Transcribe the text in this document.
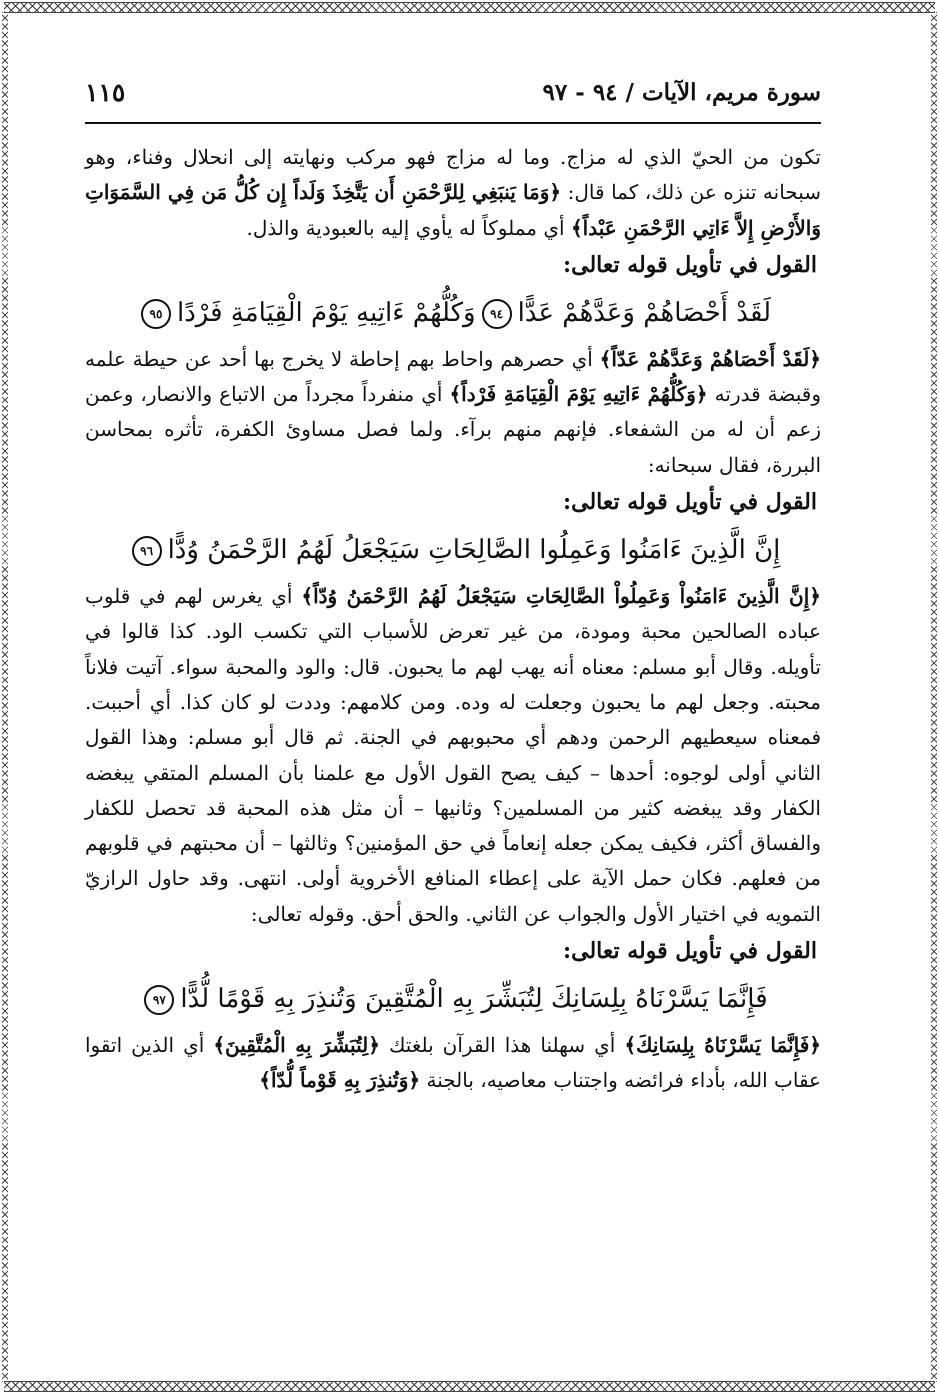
سورة مريم، الآيات / ٩٤ - ٩٧
١١٥

تكون من الحيّ الذي له مزاج. وما له مزاج فهو مركب ونهايته إلى انحلال وفناء، وهو سبحانه تنزه عن ذلك، كما قال: ﴿وَمَا يَنبَغِي لِلرَّحْمَنِ أَن يَتَّخِذَ وَلَداً إِن كُلُّ مَن فِي السَّمَوَاتِ وَالأَرْضِ إِلاَّ ءَاتِي الرَّحْمَنِ عَبْداً﴾ أي مملوكاً له يأوي إليه بالعبودية والذل.

القول في تأويل قوله تعالى:

لَقَدْ أَحْصَاهُمْ وَعَدَّهُمْ عَدًّا٩٤وَكُلُّهُمْ ءَاتِيهِ يَوْمَ الْقِيَامَةِ فَرْدًا٩٥

﴿لَقَدْ أَحْصَاهُمْ وَعَدَّهُمْ عَدّاً﴾ أي حصرهم واحاط بهم إحاطة لا يخرج بها أحد عن حيطة علمه وقبضة قدرته ﴿وَكُلُّهُمْ ءَاتِيهِ يَوْمَ الْقِيَامَةِ فَرْداً﴾ أي منفرداً مجرداً من الاتباع والانصار، وعمن زعم أن له من الشفعاء. فإنهم منهم برآء. ولما فصل مساوئ الكفرة، تأثره بمحاسن البررة، فقال سبحانه:

القول في تأويل قوله تعالى:

إِنَّ الَّذِينَ ءَامَنُوا وَعَمِلُوا الصَّالِحَاتِ سَيَجْعَلُ لَهُمُ الرَّحْمَنُ وُدًّا٩٦

﴿إِنَّ الَّذِينَ ءَامَنُواْ وَعَمِلُواْ الصَّالِحَاتِ سَيَجْعَلُ لَهُمُ الرَّحْمَنُ وُدّاً﴾ أي يغرس لهم في قلوب عباده الصالحين محبة ومودة، من غير تعرض للأسباب التي تكسب الود. كذا قالوا في تأويله. وقال أبو مسلم: معناه أنه يهب لهم ما يحبون. قال: والود والمحبة سواء. آتيت فلاناً محبته. وجعل لهم ما يحبون وجعلت له وده. ومن كلامهم: وددت لو كان كذا. أي أحببت. فمعناه سيعطيهم الرحمن ودهم أي محبوبهم في الجنة. ثم قال أبو مسلم: وهذا القول الثاني أولى لوجوه: أحدها – كيف يصح القول الأول مع علمنا بأن المسلم المتقي يبغضه الكفار وقد يبغضه كثير من المسلمين؟ وثانيها – أن مثل هذه المحبة قد تحصل للكفار والفساق أكثر، فكيف يمكن جعله إنعاماً في حق المؤمنين؟ وثالثها – أن محبتهم في قلوبهم من فعلهم. فكان حمل الآية على إعطاء المنافع الأخروية أولى. انتهى. وقد حاول الرازيّ التمويه في اختيار الأول والجواب عن الثاني. والحق أحق. وقوله تعالى:

القول في تأويل قوله تعالى:

فَإِنَّمَا يَسَّرْنَاهُ بِلِسَانِكَ لِتُبَشِّرَ بِهِ الْمُتَّقِينَ وَتُنذِرَ بِهِ قَوْمًا لُّدًّا٩٧

﴿فَإِنَّمَا يَسَّرْنَاهُ بِلِسَانِكَ﴾ أي سهلنا هذا القرآن بلغتك ﴿لِتُبَشِّرَ بِهِ الْمُتَّقِينَ﴾ أي الذين اتقوا عقاب الله، بأداء فرائضه واجتناب معاصيه، بالجنة ﴿وَتُنذِرَ بِهِ قَوْماً لُّدّاً﴾
